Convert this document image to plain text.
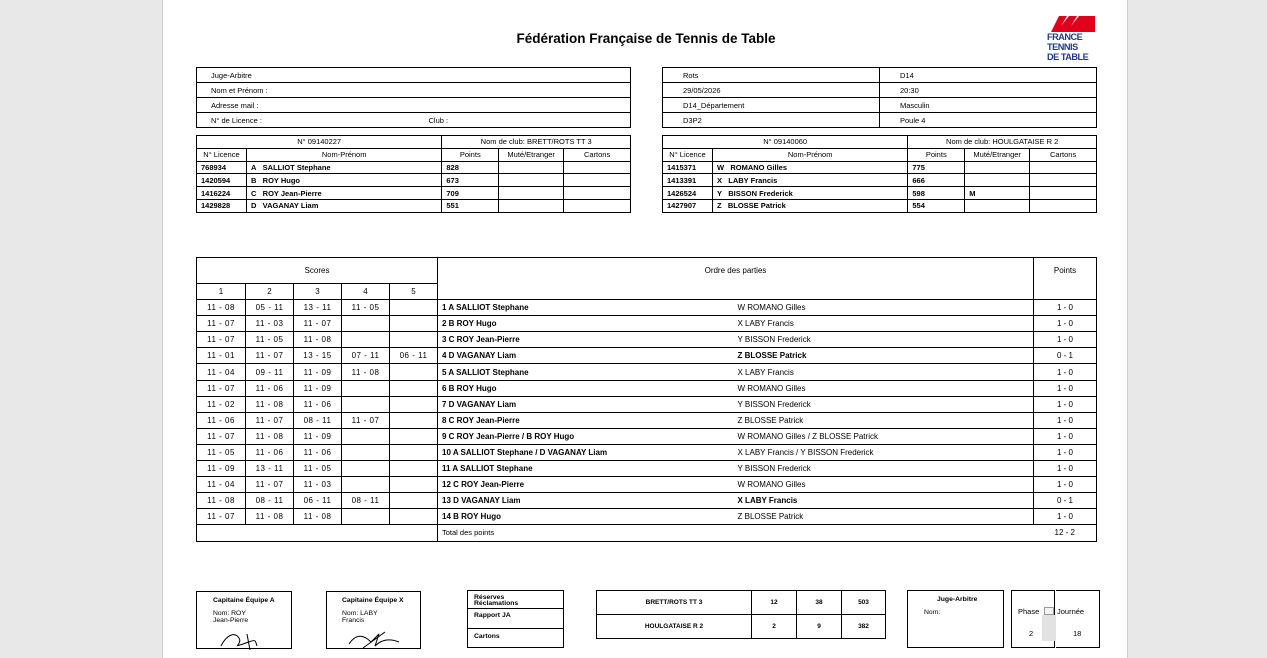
Fédération Française de Tennis de Table	FRANCE
TENNIS
DE TABLE
Juge-Arbitre
Nom et Prénom :
Adresse mail :
N° de Licence :	Club :
Rots	D14
29/05/2026	20:30
D14_Département	Masculin
D3P2	Poule 4
N° 09140227		Nom de club: BRETT/ROTS TT 3		
N° Licence	Nom-Prénom	Points	Muté/Etranger	Cartons
768934	A SALLIOT Stephane	828		
1420594	B ROY Hugo	673		
1416224	C ROY Jean-Pierre	709		
1429828	D VAGANAY Liam	551		
N° 09140060		Nom de club: HOULGATAISE R 2		
N° Licence	Nom-Prénom	Points	Muté/Etranger	Cartons
1415371	W ROMANO Gilles	775		
1413391	X LABY Francis	666		
1426524	Y BISSON Frederick	598	M	
1427907	Z BLOSSE Patrick	554		
Scores					Ordre des parties		Points
1	2	3	4	5			
11 - 08	05 - 11	13 - 11	11 - 05		1 A SALLIOT Stephane	W ROMANO Gilles	1 - 0
11 - 07	11 - 03	11 - 07			2 B ROY Hugo	X LABY Francis	1 - 0
11 - 07	11 - 05	11 - 08			3 C ROY Jean-Pierre	Y BISSON Frederick	1 - 0
11 - 01	11 - 07	13 - 15	07 - 11	06 - 11	4 D VAGANAY Liam	Z BLOSSE Patrick	0 - 1
11 - 04	09 - 11	11 - 09	11 - 08		5 A SALLIOT Stephane	X LABY Francis	1 - 0
11 - 07	11 - 06	11 - 09			6 B ROY Hugo	W ROMANO Gilles	1 - 0
11 - 02	11 - 08	11 - 06			7 D VAGANAY Liam	Y BISSON Frederick	1 - 0
11 - 06	11 - 07	08 - 11	11 - 07		8 C ROY Jean-Pierre	Z BLOSSE Patrick	1 - 0
11 - 07	11 - 08	11 - 09			9 C ROY Jean-Pierre / B ROY Hugo	W ROMANO Gilles / Z BLOSSE Patrick	1 - 0
11 - 05	11 - 06	11 - 06			10 A SALLIOT Stephane / D VAGANAY Liam	X LABY Francis / Y BISSON Frederick	1 - 0
11 - 09	13 - 11	11 - 05			11 A SALLIOT Stephane	Y BISSON Frederick	1 - 0
11 - 04	11 - 07	11 - 03			12 C ROY Jean-Pierre	W ROMANO Gilles	1 - 0
11 - 08	08 - 11	06 - 11	08 - 11		13 D VAGANAY Liam	X LABY Francis	0 - 1
11 - 07	11 - 08	11 - 08			14 B ROY Hugo	Z BLOSSE Patrick	1 - 0
					Total des points		12 - 2
Capitaine Équipe A
Nom: ROY
Jean-Pierre
Capitaine Équipe X
Nom: LABY
Francis
Réserves
Réclamations
Rapport JA
Cartons
BRETT/ROTS TT 3	12	38	503
HOULGATAISE R 2	2	9	382
Juge-Arbitre
Nom:	Phase
2
Journée
18
